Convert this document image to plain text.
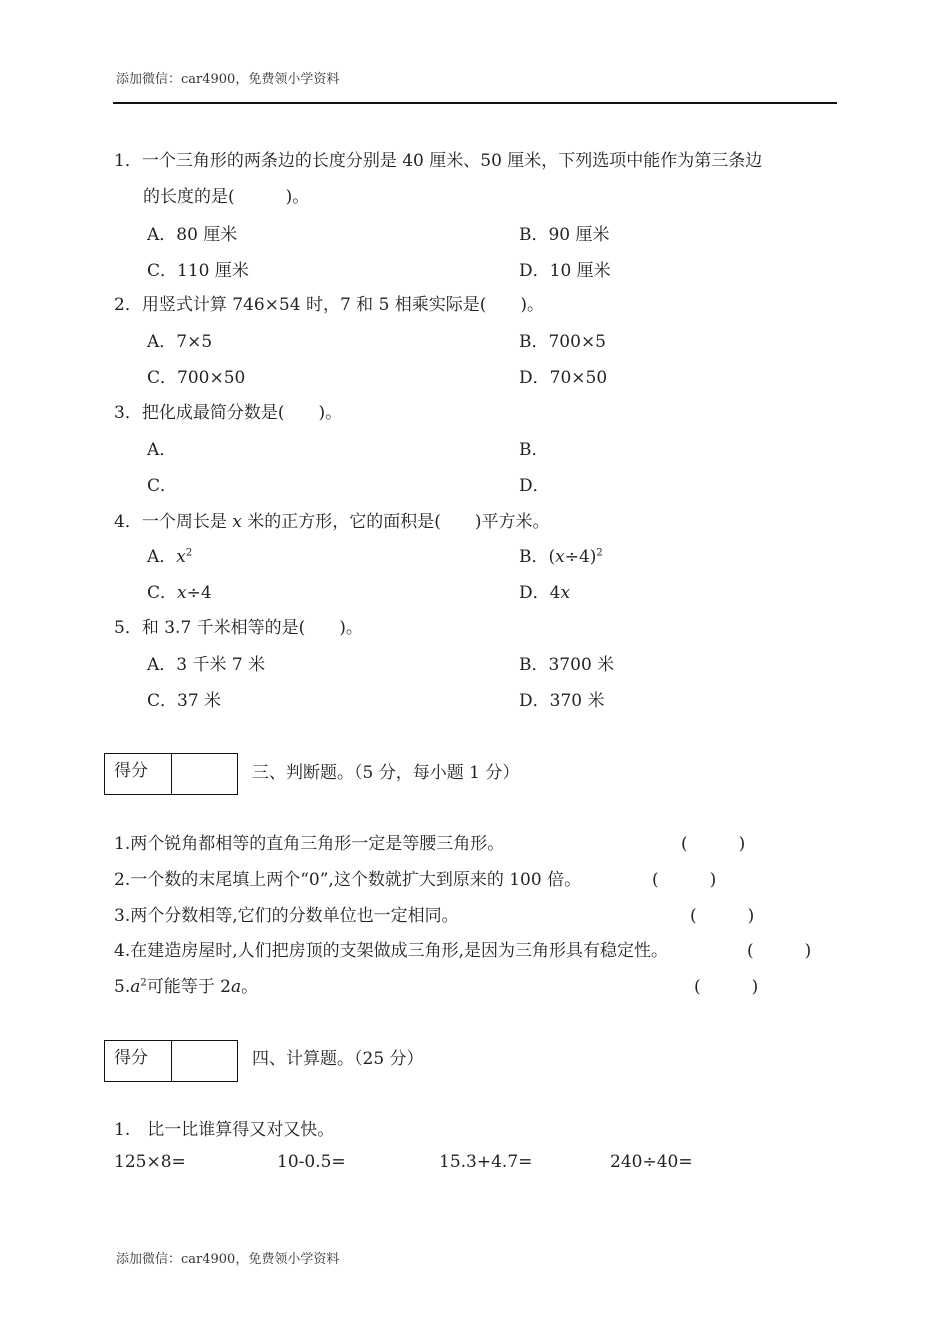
添加微信：car4900，免费领小学资料
1．一个三角形的两条边的长度分别是 40 厘米、50 厘米，下列选项中能作为第三条边
的长度的是(　　　)。
A．80 厘米	B．90 厘米
C．110 厘米	D．10 厘米
2．用竖式计算 746×54 时，7 和 5 相乘实际是(　　)。
A．7×5	B．700×5
C．700×50	D．70×50
3．把化成最简分数是(　　)。
A．	B．
C．	D．
4．一个周长是 x 米的正方形，它的面积是(　　)平方米。
A．$x^2$	B．$(x\div 4)^2$
C．x÷4	D．4x
5．和 3.7 千米相等的是(　　)。
A．3 千米 7 米	B．3700 米
C．37 米	D．370 米
得分	三、判断题。（5 分，每小题 1 分）
1.两个锐角都相等的直角三角形一定是等腰三角形。	(　　　)
2.一个数的末尾填上两个“0”,这个数就扩大到原来的 100 倍。	(　　　)
3.两个分数相等,它们的分数单位也一定相同。	(　　　)
4.在建造房屋时,人们把房顶的支架做成三角形,是因为三角形具有稳定性。	(　　　)
$5.a^2$可能等于 2a。	(　　　)
得分	四、计算题。（25 分）
1.　比一比谁算得又对又快。
125×8=	10-0.5=	15.3+4.7=	240÷40=
添加微信：car4900，免费领小学资料
